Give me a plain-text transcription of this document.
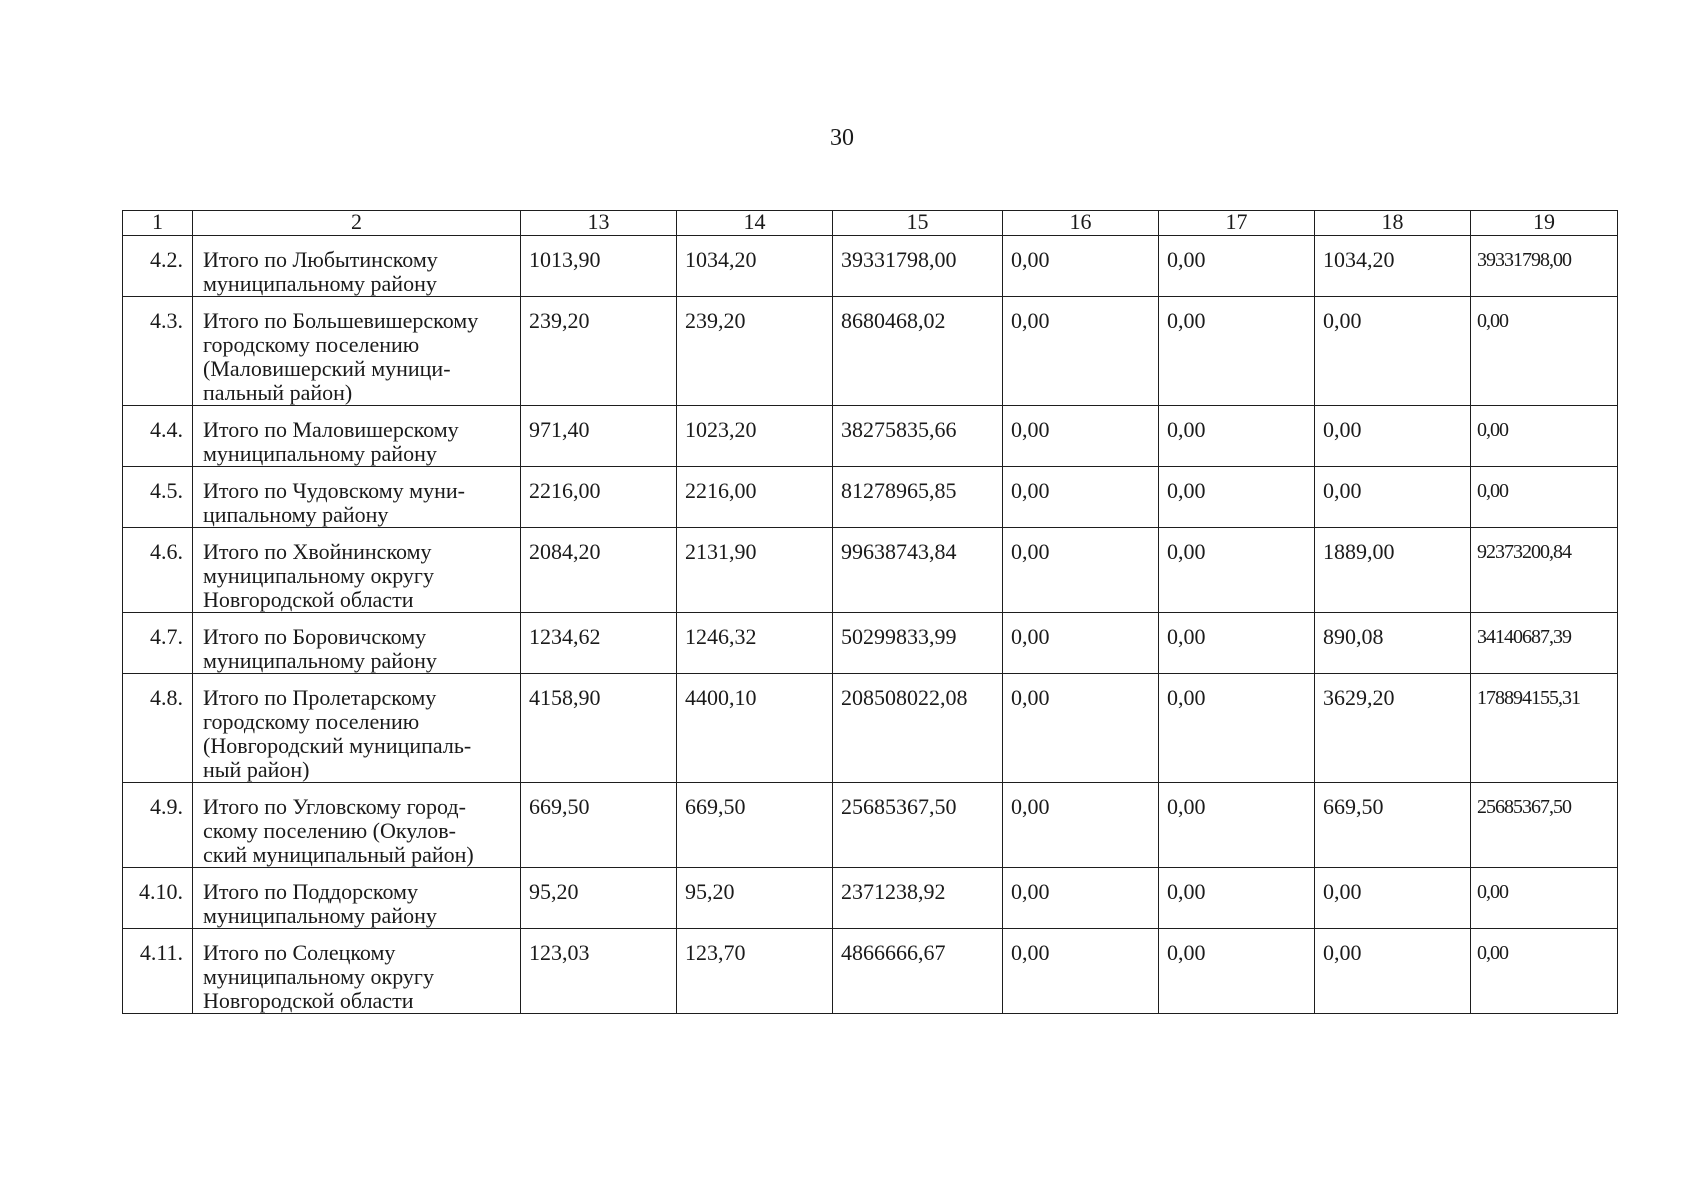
30
1	2	13	14	15	16	17	18	19
4.2.	Итого по Любытинскому
муниципальному району	1013,90	1034,20	39331798,00	0,00	0,00	1034,20	39331798,00
4.3.	Итого по Большевишерскому
городскому поселению
(Маловишерский муници-
пальный район)	239,20	239,20	8680468,02	0,00	0,00	0,00	0,00
4.4.	Итого по Маловишерскому
муниципальному району	971,40	1023,20	38275835,66	0,00	0,00	0,00	0,00
4.5.	Итого по Чудовскому муни-
ципальному району	2216,00	2216,00	81278965,85	0,00	0,00	0,00	0,00
4.6.	Итого по Хвойнинскому
муниципальному округу
Новгородской области	2084,20	2131,90	99638743,84	0,00	0,00	1889,00	92373200,84
4.7.	Итого по Боровичскому
муниципальному району	1234,62	1246,32	50299833,99	0,00	0,00	890,08	34140687,39
4.8.	Итого по Пролетарскому
городскому поселению
(Новгородский муниципаль-
ный район)	4158,90	4400,10	208508022,08	0,00	0,00	3629,20	178894155,31
4.9.	Итого по Угловскому город-
скому поселению (Окулов-
ский муниципальный район)	669,50	669,50	25685367,50	0,00	0,00	669,50	25685367,50
4.10.	Итого по Поддорскому
муниципальному району	95,20	95,20	2371238,92	0,00	0,00	0,00	0,00
4.11.	Итого по Солецкому
муниципальному округу
Новгородской области	123,03	123,70	4866666,67	0,00	0,00	0,00	0,00
